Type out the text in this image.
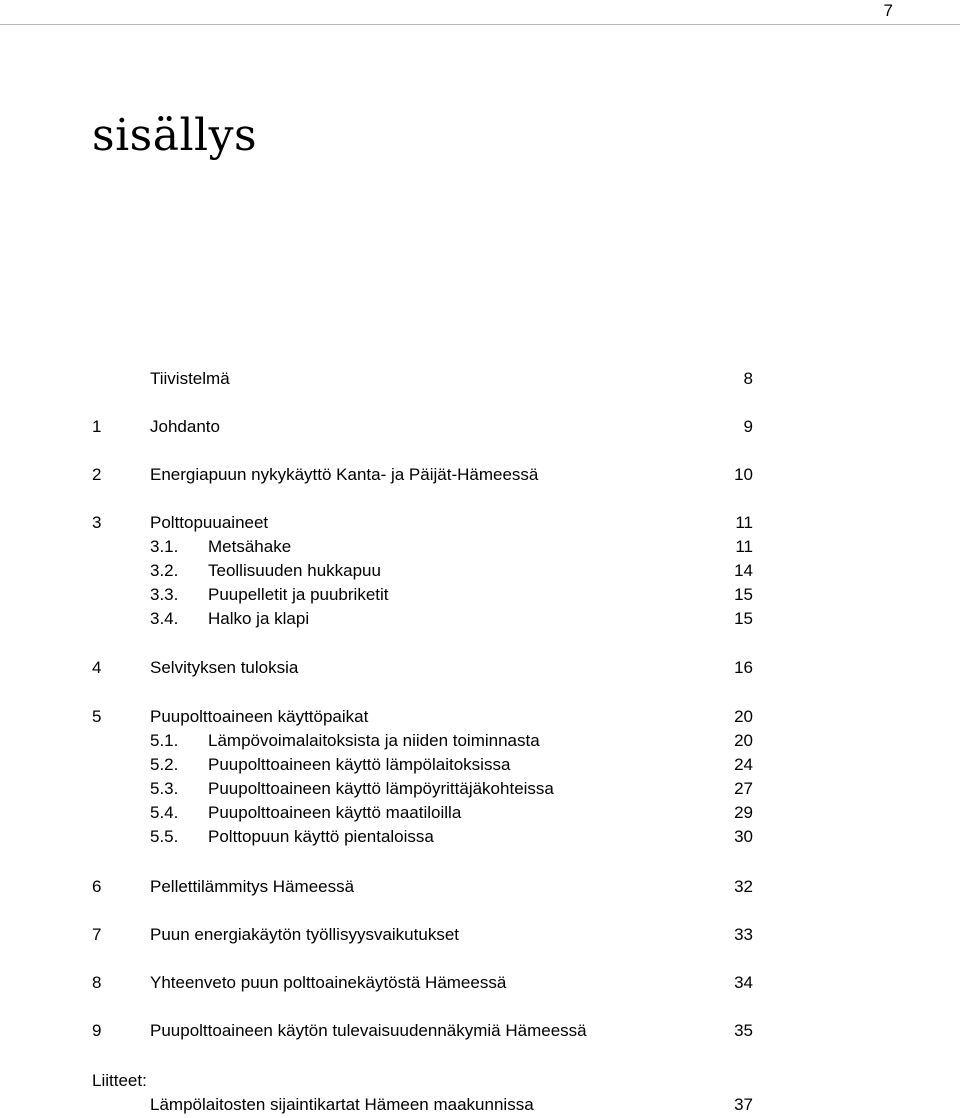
7
sisällys
Tiivistelmä	8
1	Johdanto	9
2	Energiapuun nykykäyttö Kanta- ja Päijät-Hämeessä	10
3	Polttopuuaineet	11
3.1. Metsähake	11
3.2. Teollisuuden hukkapuu	14
3.3. Puupelletit ja puubriketit	15
3.4. Halko ja klapi	15
4	Selvityksen tuloksia	16
5	Puupolttoaineen käyttöpaikat	20
5.1. Lämpövoimalaitoksista ja niiden toiminnasta	20
5.2. Puupolttoaineen käyttö lämpölaitoksissa	24
5.3. Puupolttoaineen käyttö lämpöyrittäjäkohteissa	27
5.4. Puupolttoaineen käyttö maatiloilla	29
5.5. Polttopuun käyttö pientaloissa	30
6	Pellettilämmitys Hämeessä	32
7	Puun energiakäytön työllisyysvaikutukset	33
8	Yhteenveto puun polttoainekäytöstä Hämeessä	34
9	Puupolttoaineen käytön tulevaisuudennäkymiä Hämeessä	35
Liitteet:
Lämpölaitosten sijaintikartat Hämeen maakunnissa	37
